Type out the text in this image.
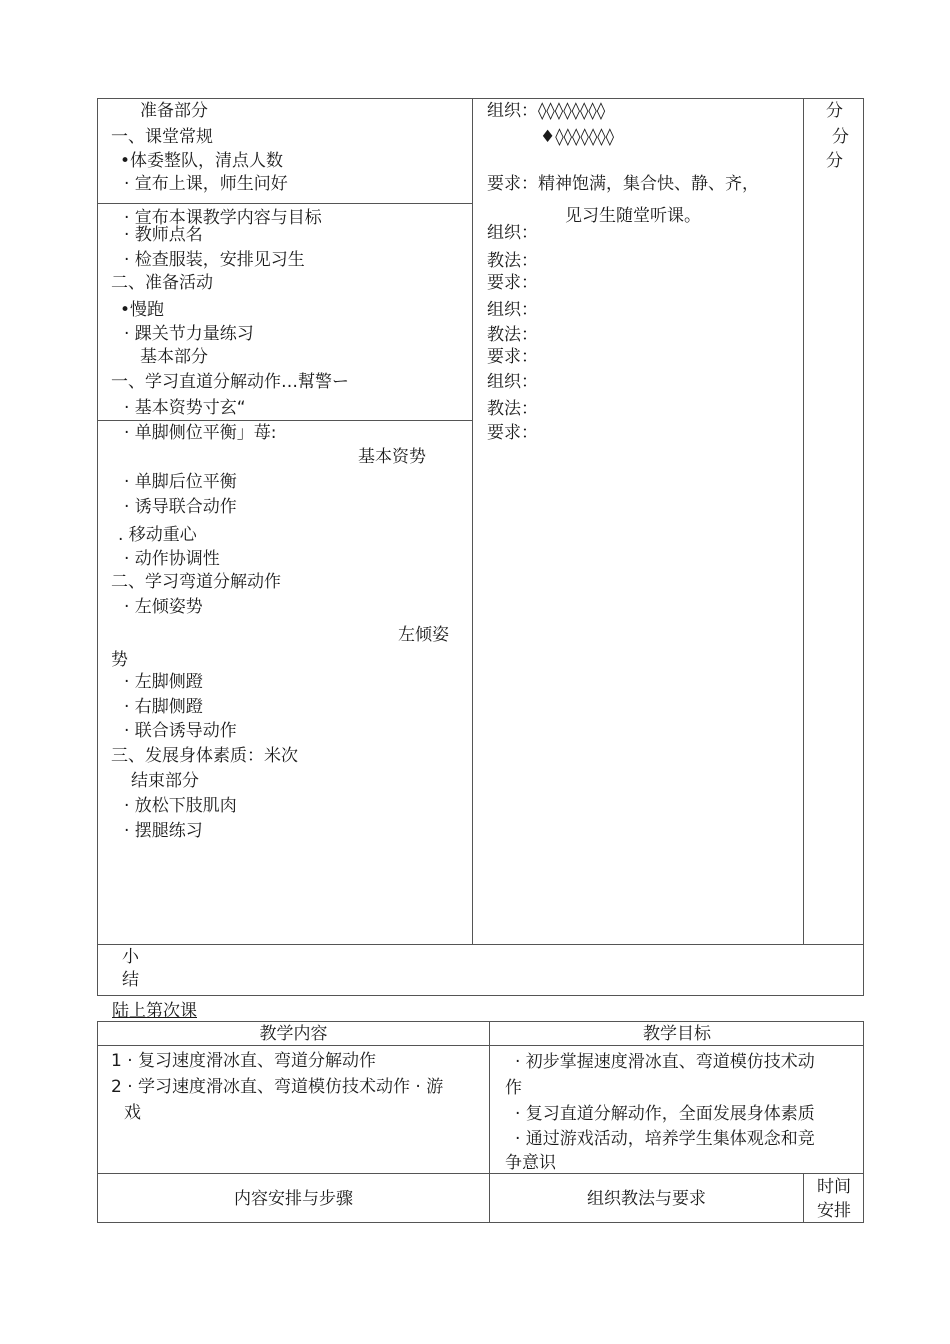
准备部分
一、课堂常规
•体委整队，清点人数
· 宣布上课，师生问好
· 宣布本课教学内容与目标
· 教师点名
· 检查服装，安排见习生
二、准备活动
•慢跑
· 踝关节力量练习
基本部分
一、学习直道分解动作…幫警ー
· 基本资势寸玄“
· 单脚侧位平衡」苺:
基本资势
· 单脚后位平衡
· 诱导联合动作
. 移动重心
· 动作协调性
二、学习弯道分解动作
· 左倾姿势
左倾姿
势
· 左脚侧蹬
· 右脚侧蹬
· 联合诱导动作
三、发展身体素质：米次
结束部分
· 放松下肢肌肉
· 摆腿练习
组织：◊◊◊◊◊◊◊◊
♦◊◊◊◊◊◊◊
要求：精神饱满，集合快、静、齐，
见习生随堂听课。
组织：
教法：
要求：
组织：
教法：
要求：
组织：
教法：
要求：
分
分
分
小
结
陆上第次课
教学内容	教学目标
1 · 复习速度滑冰直、弯道分解动作
2 · 学习速度滑冰直、弯道模仿技术动作 · 游
戏
· 初步掌握速度滑冰直、弯道模仿技术动
作
· 复习直道分解动作，全面发展身体素质
· 通过游戏活动，培养学生集体观念和竞
争意识
内容安排与步骤	组织教法与要求
时间
安排
